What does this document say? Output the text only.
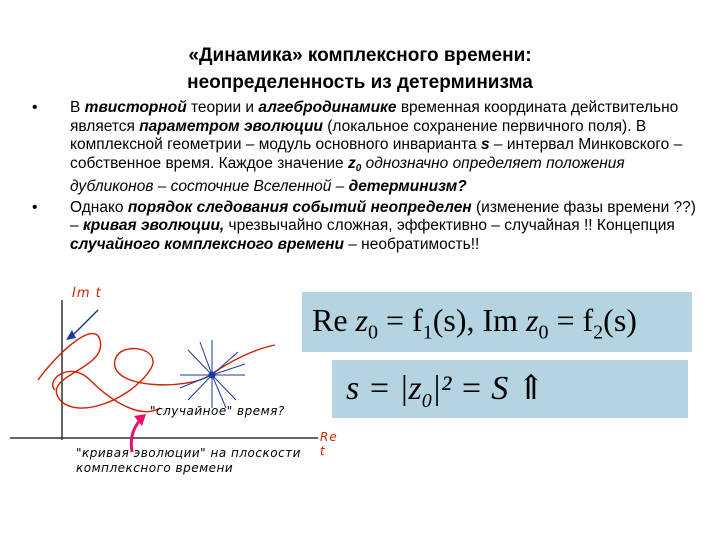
«Динамика» комплексного времени:
неопределенность из детерминизма
• В твисторной теории и алгебродинамике временная координата действительно является параметром эволюции (локальное сохранение первичного поля). В комплексной геометрии – модуль основного инварианта s – интервал Минковского – собственное время. Каждое значение $z_0$ однозначно определяет положения дубликонов – состочние Вселенной – детерминизм?
• Однако порядок следования событий неопределен (изменение фазы времени ??) – кривая эволюции, чрезвычайно сложная, эффективно – случайная !! Концепция случайного комплексного времени – необратимость!!
Im t
Re t
"случайное" время?
"кривая эволюции" на плоскости комплексного времени
Re $z_0 = f_1(s)$, Im $z_0 = f_2(s)$
$s = |z_0|^2 = S$ ⇑
